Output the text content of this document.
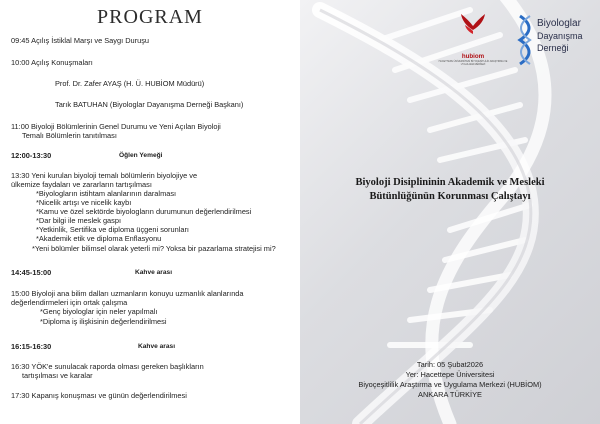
PROGRAM
09:45 Açılış İstiklal Marşı ve Saygı Duruşu
10:00 Açılış Konuşmaları
Prof. Dr. Zafer AYAŞ (H. Ü. HUBİOM Müdürü)
Tarık BATUHAN (Biyologlar Dayanışma Derneği Başkanı)
11:00 Biyoloji Bölümlerinin Genel Durumu ve Yeni Açılan Biyoloji
Temalı Bölümlerin tanıtılması
12:00-13:30	Öğlen Yemeği
13:30 Yeni kurulan biyoloji temalı bölümlerin biyolojiye ve
ülkemize faydaları ve zararların tartışılması
*Biyologların istihtam alanlarının daralması
*Nicelik artışı ve nicelik kaybı
*Kamu ve özel sektörde biyologların durumunun değerlendirilmesi
*Dar bilgi ile meslek gaspı
*Yetkinlik, Sertifika ve diploma üçgeni sorunları
*Akademik etik ve diploma Enflasyonu
*Yeni bölümler bilimsel olarak yeterli mi? Yoksa bir pazarlama stratejisi mi?
14:45-15:00	Kahve arası
15:00 Biyoloji ana bilim dalları uzmanların konuyu uzmanlık alanlarında
değerlendirmeleri için ortak çalışma
*Genç biyologlar için neler yapılmalı
*Diploma iş ilişkisinin değerlendirilmesi
16:15-16:30	Kahve arası
16:30 YÖK'e sunulacak raporda olması gereken başlıkların
tartışılması ve karalar
17:30 Kapanış konuşması ve günün değerlendirilmesi
hubiom
HACETTEPE ÜNİVERSİTESİ BİYOÇEŞİTLİLİK ARAŞTIRMA VE UYGULAMA MERKEZİ
Biyologlar
Dayanışma
Derneği
Biyoloji Disiplininin Akademik ve Mesleki
Bütünlüğünün Korunması Çalıştayı
Tarih: 05 Şubat2026
Yer: Hacettepe Üniversitesi
Biyoçeşitlilik Araştırma ve Uygulama Merkezi (HUBİOM)
ANKARA TÜRKİYE
